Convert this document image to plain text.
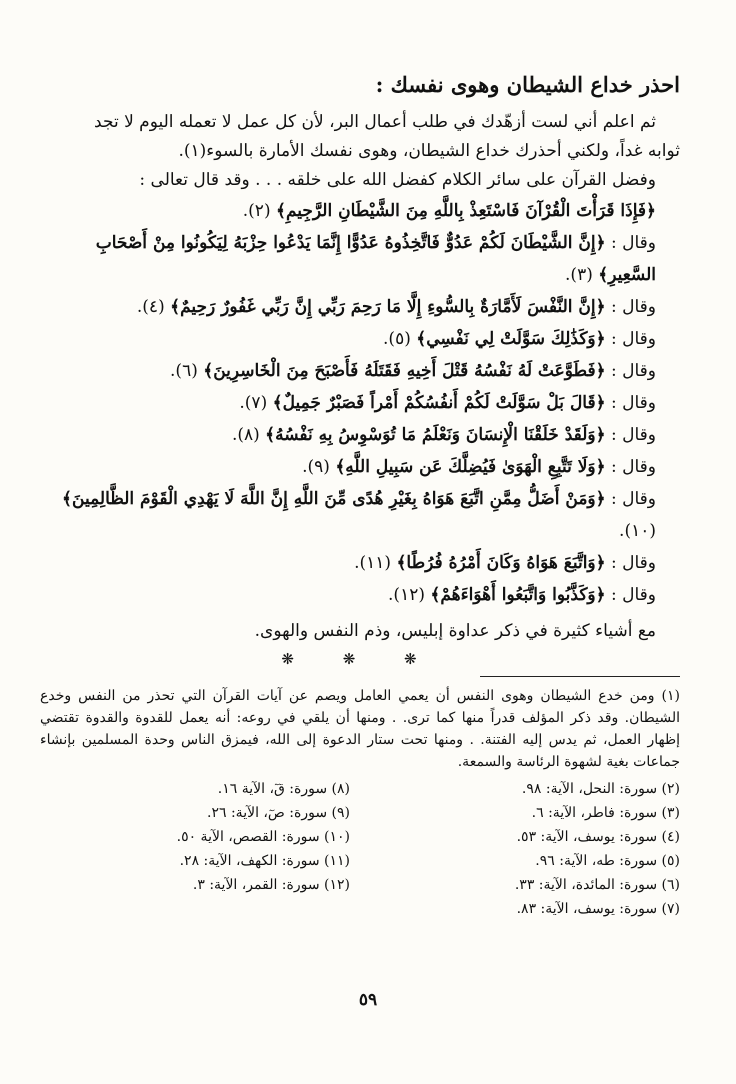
احذر خداع الشيطان وهوى نفسك :

ثم اعلم أني لست أزهّدك في طلب أعمال البر، لأن كل عمل لا تعمله اليوم لا تجد

ثوابه غداً، ولكني أحذرك خداع الشيطان، وهوى نفسك الأمارة بالسوء(١).

وفضل القرآن على سائر الكلام كفضل الله على خلقه . . . وقد قال تعالى :

﴿فَإِذَا قَرَأْتَ الْقُرْآنَ فَاسْتَعِذْ بِاللَّهِ مِنَ الشَّيْطَانِ الرَّجِيمِ﴾ (٢).

وقال : ﴿إِنَّ الشَّيْطَانَ لَكُمْ عَدُوٌّ فَاتَّخِذُوهُ عَدُوًّا إِنَّمَا يَدْعُوا حِزْبَهُ لِيَكُونُوا مِنْ أَصْحَابِ السَّعِيرِ﴾ (٣).

وقال : ﴿إِنَّ النَّفْسَ لَأَمَّارَةٌ بِالسُّوءِ إِلَّا مَا رَحِمَ رَبِّي إِنَّ رَبِّي غَفُورٌ رَحِيمٌ﴾ (٤).

وقال : ﴿وَكَذَٰلِكَ سَوَّلَتْ لِي نَفْسِي﴾ (٥).

وقال : ﴿فَطَوَّعَتْ لَهُ نَفْسُهُ قَتْلَ أَخِيهِ فَقَتَلَهُ فَأَصْبَحَ مِنَ الْخَاسِرِينَ﴾ (٦).

وقال : ﴿قَالَ بَلْ سَوَّلَتْ لَكُمْ أَنفُسُكُمْ أَمْراً فَصَبْرٌ جَمِيلٌ﴾ (٧).

وقال : ﴿وَلَقَدْ خَلَقْنَا الْإِنسَانَ وَنَعْلَمُ مَا تُوَسْوِسُ بِهِ نَفْسُهُ﴾ (٨).

وقال : ﴿وَلَا تَتَّبِعِ الْهَوَىٰ فَيُضِلَّكَ عَن سَبِيلِ اللَّهِ﴾ (٩).

وقال : ﴿وَمَنْ أَضَلُّ مِمَّنِ اتَّبَعَ هَوَاهُ بِغَيْرِ هُدًى مِّنَ اللَّهِ إِنَّ اللَّهَ لَا يَهْدِي الْقَوْمَ الظَّالِمِينَ﴾ (١٠).

وقال : ﴿وَاتَّبَعَ هَوَاهُ وَكَانَ أَمْرُهُ فُرُطًا﴾ (١١).

وقال : ﴿وَكَذَّبُوا وَاتَّبَعُوا أَهْوَاءَهُمْ﴾ (١٢).

مع أشياء كثيرة في ذكر عداوة إبليس، وذم النفس والهوى.

❋ ❋ ❋

(١) ومن خدع الشيطان وهوى النفس أن يعمي العامل ويصم عن آيات القرآن التي تحذر من النفس وخدع الشيطان. وقد ذكر المؤلف قدراً منها كما ترى. . ومنها أن يلقي في روعه: أنه يعمل للقدوة والقدوة تقتضي إظهار العمل، ثم يدس إليه الفتنة. . ومنها تحت ستار الدعوة إلى الله، فيمزق الناس وحدة المسلمين بإنشاء جماعات بغية لشهوة الرئاسة والسمعة.

(٢) سورة: النحل، الآية: ٩٨.
(٣) سورة: فاطر، الآية: ٦.
(٤) سورة: يوسف، الآية: ٥٣.
(٥) سورة: طه، الآية: ٩٦.
(٦) سورة: المائدة، الآية: ٣٣.
(٧) سورة: يوسف، الآية: ٨٣.
(٨) سورة: قٓ، الآية ١٦.
(٩) سورة: صٓ، الآية: ٢٦.
(١٠) سورة: القصص، الآية ٥٠.
(١١) سورة: الكهف، الآية: ٢٨.
(١٢) سورة: القمر، الآية: ٣.
٥٩
